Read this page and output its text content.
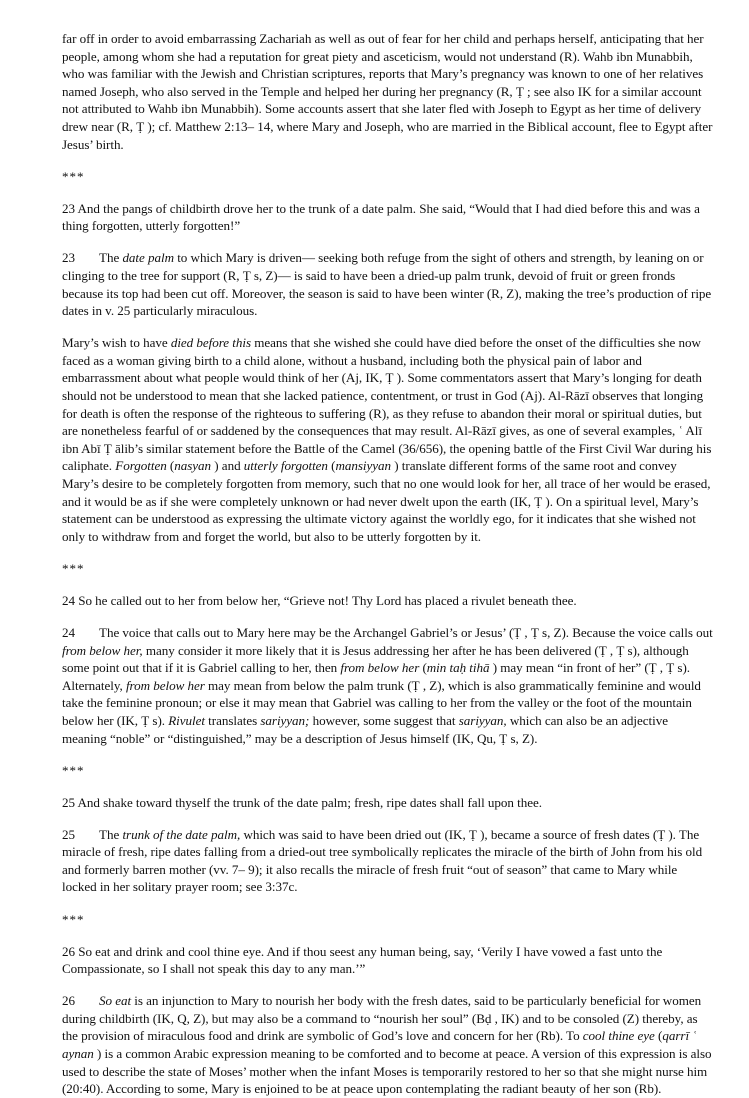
far off in order to avoid embarrassing Zachariah as well as out of fear for her child and perhaps herself, anticipating that her people, among whom she had a reputation for great piety and asceticism, would not understand (R). Wahb ibn Munabbih, who was familiar with the Jewish and Christian scriptures, reports that Mary’s pregnancy was known to one of her relatives named Joseph, who also served in the Temple and helped her during her pregnancy (R, Ṭ ; see also IK for a similar account not attributed to Wahb ibn Munabbih). Some accounts assert that she later fled with Joseph to Egypt as her time of delivery drew near (R, Ṭ ); cf. Matthew 2:13– 14, where Mary and Joseph, who are married in the Biblical account, flee to Egypt after Jesus’ birth.

***

23 And the pangs of childbirth drove her to the trunk of a date palm. She said, “Would that I had died before this and was a thing forgotten, utterly forgotten!”

23 The date palm to which Mary is driven— seeking both refuge from the sight of others and strength, by leaning on or clinging to the tree for support (R, Ṭ s, Z)— is said to have been a dried-up palm trunk, devoid of fruit or green fronds because its top had been cut off. Moreover, the season is said to have been winter (R, Z), making the tree’s production of ripe dates in v. 25 particularly miraculous.

Mary’s wish to have died before this means that she wished she could have died before the onset of the difficulties she now faced as a woman giving birth to a child alone, without a husband, including both the physical pain of labor and embarrassment about what people would think of her (Aj, IK, Ṭ ). Some commentators assert that Mary’s longing for death should not be understood to mean that she lacked patience, contentment, or trust in God (Aj). Al-Rāzī observes that longing for death is often the response of the righteous to suffering (R), as they refuse to abandon their moral or spiritual duties, but are nonetheless fearful of or saddened by the consequences that may result. Al-Rāzī gives, as one of several examples, ʿ Alī ibn Abī Ṭ ālib’s similar statement before the Battle of the Camel (36/656), the opening battle of the First Civil War during his caliphate. Forgotten (nasyan ) and utterly forgotten (mansiyyan ) translate different forms of the same root and convey Mary’s desire to be completely forgotten from memory, such that no one would look for her, all trace of her would be erased, and it would be as if she were completely unknown or had never dwelt upon the earth (IK, Ṭ ). On a spiritual level, Mary’s statement can be understood as expressing the ultimate victory against the worldly ego, for it indicates that she wished not only to withdraw from and forget the world, but also to be utterly forgotten by it.

***

24 So he called out to her from below her, “Grieve not! Thy Lord has placed a rivulet beneath thee.

24 The voice that calls out to Mary here may be the Archangel Gabriel’s or Jesus’ (Ṭ , Ṭ s, Z). Because the voice calls out from below her, many consider it more likely that it is Jesus addressing her after he has been delivered (Ṭ , Ṭ s), although some point out that if it is Gabriel calling to her, then from below her (min taḥ tihā ) may mean “in front of her” (Ṭ , Ṭ s). Alternately, from below her may mean from below the palm trunk (Ṭ , Z), which is also grammatically feminine and would take the feminine pronoun; or else it may mean that Gabriel was calling to her from the valley or the foot of the mountain below her (IK, Ṭ s). Rivulet translates sariyyan; however, some suggest that sariyyan, which can also be an adjective meaning “noble” or “distinguished,” may be a description of Jesus himself (IK, Qu, Ṭ s, Z).

***

25 And shake toward thyself the trunk of the date palm; fresh, ripe dates shall fall upon thee.

25 The trunk of the date palm, which was said to have been dried out (IK, Ṭ ), became a source of fresh dates (Ṭ ). The miracle of fresh, ripe dates falling from a dried-out tree symbolically replicates the miracle of the birth of John from his old and formerly barren mother (vv. 7– 9); it also recalls the miracle of fresh fruit “out of season” that came to Mary while locked in her solitary prayer room; see 3:37c.

***

26 So eat and drink and cool thine eye. And if thou seest any human being, say, ‘Verily I have vowed a fast unto the Compassionate, so I shall not speak this day to any man.’”

26 So eat is an injunction to Mary to nourish her body with the fresh dates, said to be particularly beneficial for women during childbirth (IK, Q, Z), but may also be a command to “nourish her soul” (Bḍ , IK) and to be consoled (Z) thereby, as the provision of miraculous food and drink are symbolic of God’s love and concern for her (Rb). To cool thine eye (qarrī ʿ aynan ) is a common Arabic expression meaning to be comforted and to become at peace. A version of this expression is also used to describe the state of Moses’ mother when the infant Moses is temporarily restored to her so that she might nurse him (20:40). According to some, Mary is enjoined to be at peace upon contemplating the radiant beauty of her son (Rb).
